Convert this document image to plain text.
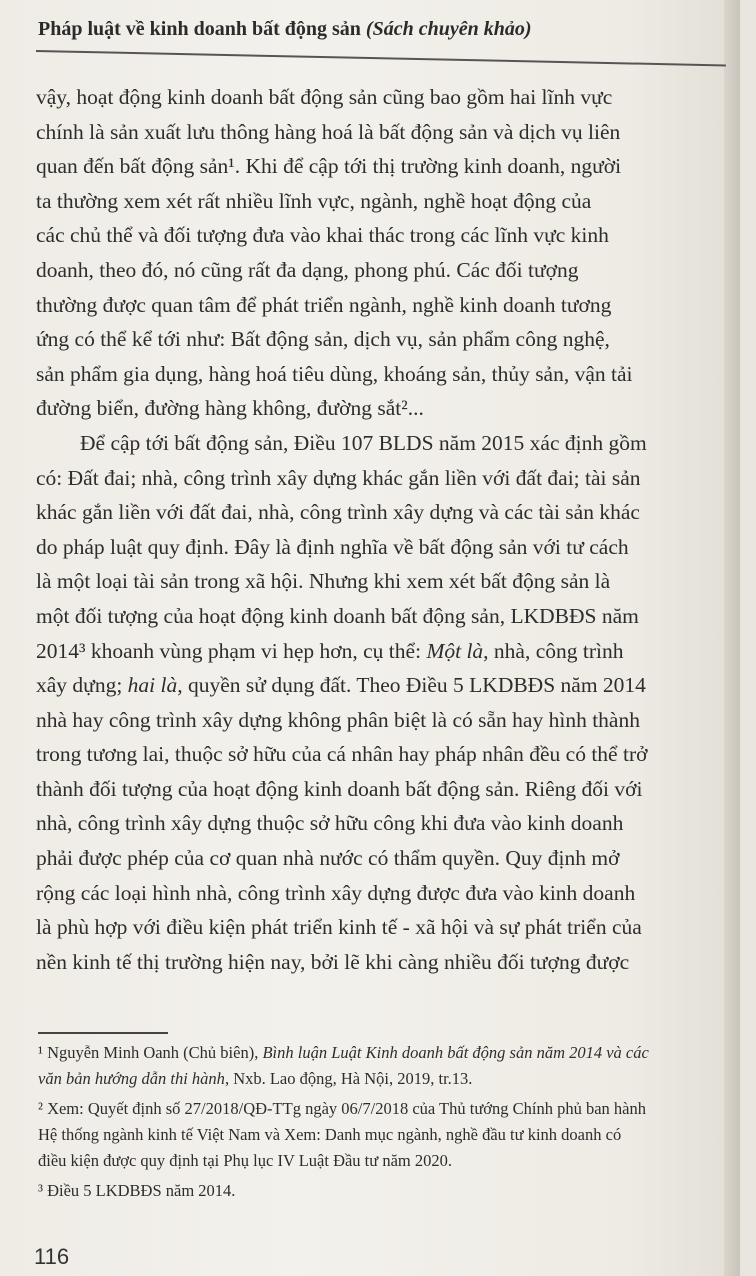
Pháp luật về kinh doanh bất động sản (Sách chuyên khảo)
vậy, hoạt động kinh doanh bất động sản cũng bao gồm hai lĩnh vực
chính là sản xuất lưu thông hàng hoá là bất động sản và dịch vụ liên
quan đến bất động sản¹. Khi để cập tới thị trường kinh doanh, người
ta thường xem xét rất nhiều lĩnh vực, ngành, nghề hoạt động của
các chủ thể và đối tượng đưa vào khai thác trong các lĩnh vực kinh
doanh, theo đó, nó cũng rất đa dạng, phong phú. Các đối tượng
thường được quan tâm để phát triển ngành, nghề kinh doanh tương
ứng có thể kể tới như: Bất động sản, dịch vụ, sản phẩm công nghệ,
sản phẩm gia dụng, hàng hoá tiêu dùng, khoáng sản, thủy sản, vận tải
đường biển, đường hàng không, đường sắt²...
Để cập tới bất động sản, Điều 107 BLDS năm 2015 xác định gồm
có: Đất đai; nhà, công trình xây dựng khác gắn liền với đất đai; tài sản
khác gắn liền với đất đai, nhà, công trình xây dựng và các tài sản khác
do pháp luật quy định. Đây là định nghĩa về bất động sản với tư cách
là một loại tài sản trong xã hội. Nhưng khi xem xét bất động sản là
một đối tượng của hoạt động kinh doanh bất động sản, LKDBĐS năm
2014³ khoanh vùng phạm vi hẹp hơn, cụ thể: Một là, nhà, công trình
xây dựng; hai là, quyền sử dụng đất. Theo Điều 5 LKDBĐS năm 2014
nhà hay công trình xây dựng không phân biệt là có sẵn hay hình thành
trong tương lai, thuộc sở hữu của cá nhân hay pháp nhân đều có thể trở
thành đối tượng của hoạt động kinh doanh bất động sản. Riêng đối với
nhà, công trình xây dựng thuộc sở hữu công khi đưa vào kinh doanh
phải được phép của cơ quan nhà nước có thẩm quyền. Quy định mở
rộng các loại hình nhà, công trình xây dựng được đưa vào kinh doanh
là phù hợp với điều kiện phát triển kinh tế - xã hội và sự phát triển của
nền kinh tế thị trường hiện nay, bởi lẽ khi càng nhiều đối tượng được
¹ Nguyễn Minh Oanh (Chủ biên), Bình luận Luật Kinh doanh bất động sản năm 2014 và các
văn bản hướng dẫn thi hành, Nxb. Lao động, Hà Nội, 2019, tr.13.
² Xem: Quyết định số 27/2018/QĐ-TTg ngày 06/7/2018 của Thủ tướng Chính phủ ban hành
Hệ thống ngành kinh tế Việt Nam và Xem: Danh mục ngành, nghề đầu tư kinh doanh có
điều kiện được quy định tại Phụ lục IV Luật Đầu tư năm 2020.
³ Điều 5 LKDBĐS năm 2014.
116
